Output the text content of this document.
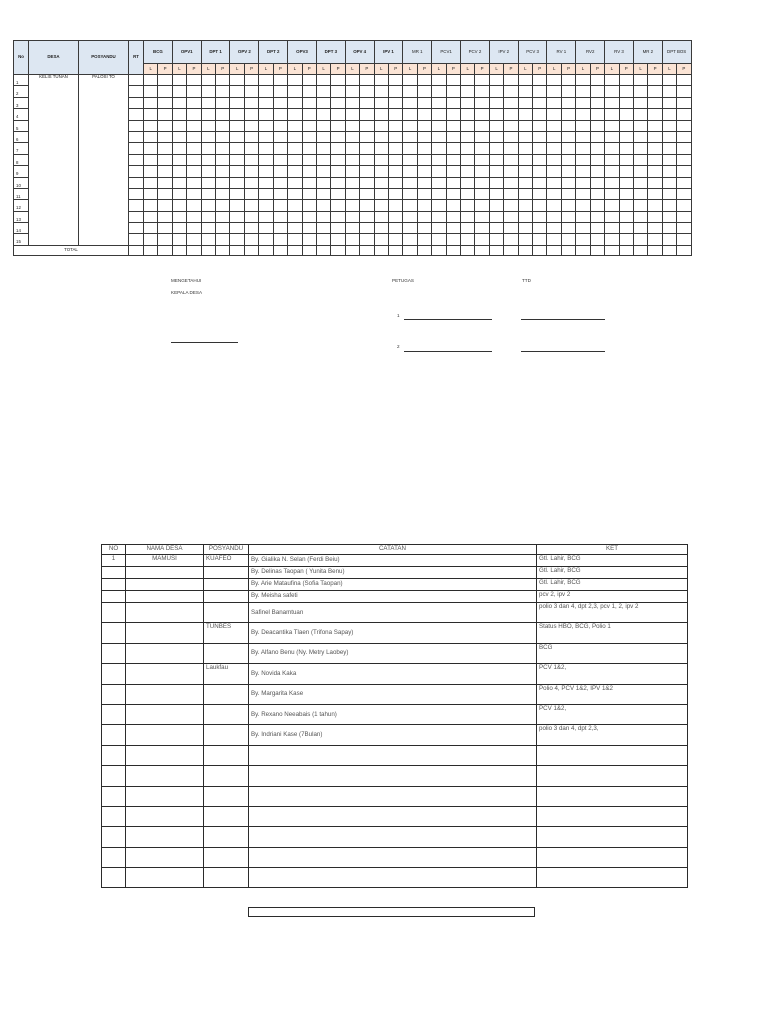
No	DESA	POSYANDU	RT	BCG		OPV1		DPT 1		OPV 2		DPT 2		OPV3		DPT 3		OPV 4		IPV 1		MR 1		PCV1		PCV 2		IPV 2		PCV 3		RV 1		RV2		RV 3		MR 2		DPT BOS	
				L	P	L	P	L	P	L	P	L	P	L	P	L	P	L	P	L	P	L	P	L	P	L	P	L	P	L	P	L	P	L	P	L	P	L	P	L	P
1	KELIS TUNAN	PALOSI TO																																							
2																																									
3																																									
4																																									
5																																									
6																																									
7																																									
8																																									
9																																									
10																																									
11																																									
12																																									
13																																									
14																																									
15																																									
TOTAL																																									
MENGETAHUI
KEPALA DESA
PETUGAS	TTD
1
2
NO	NAMA DESA	POSYANDU	CATATAN	KET
1	MAMUSI	KUAFEO	By. Gialika N. Selan (Ferdi Beiu)	Gtl. Lahir, BCG
			By. Delinas Taopan ( Yunita Benu)	Gtl. Lahir, BCG
			By. Arie Mataufina (Sofia Taopan)	Gtl. Lahir, BCG
			By. Meisha safeti	pcv 2, ipv 2
			Safinel Banamtuan	polio 3 dan 4, dpt 2,3, pcv 1, 2, ipv 2
		TUNBES	By. Deacantika Tlaen (Trifona Sapay)	Status HBO, BCG, Polio 1
			By. Alfano Benu (Ny. Metry Laobey)	BCG
		Laukfau	By. Novida Kaka	PCV 1&2,
			By. Margarita Kase	Polio 4, PCV 1&2, IPV 1&2
			By. Rexano Neeabais (1 tahun)	PCV 1&2,
			By. Indriani Kase (7Bulan)	polio 3 dan 4, dpt 2,3,
